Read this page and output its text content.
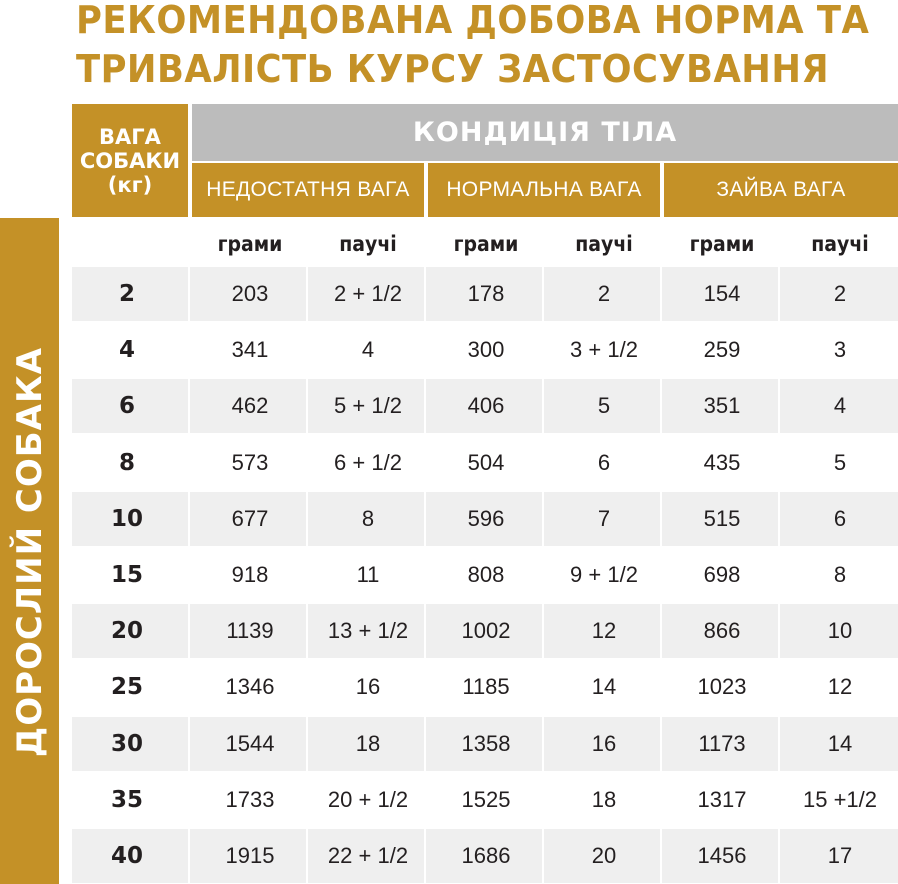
РЕКОМЕНДОВАНА ДОБОВА НОРМА ТА
ТРИВАЛІСТЬ КУРСУ ЗАСТОСУВАННЯ
ДОРОСЛИЙ СОБАКА
ВАГА
СОБАКИ
(кг)
КОНДИЦІЯ ТІЛА
НЕДОСТАТНЯ ВАГА	НОРМАЛЬНА ВАГА	ЗАЙВА ВАГА
грами	паучі	грами	паучі	грами	паучі
2	203	2 + 1/2	178	2	154	2
4	341	4	300	3 + 1/2	259	3
6	462	5 + 1/2	406	5	351	4
8	573	6 + 1/2	504	6	435	5
10	677	8	596	7	515	6
15	918	11	808	9 + 1/2	698	8
20	1139	13 + 1/2	1002	12	866	10
25	1346	16	1185	14	1023	12
30	1544	18	1358	16	1173	14
35	1733	20 + 1/2	1525	18	1317	15 +1/2
40	1915	22 + 1/2	1686	20	1456	17
